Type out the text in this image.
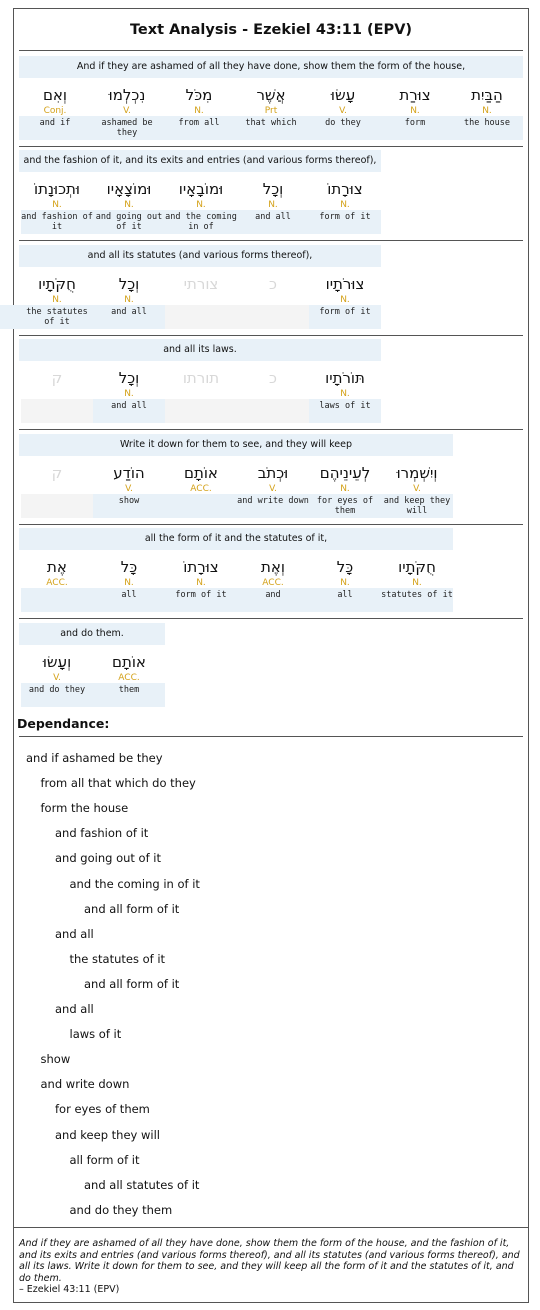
Text Analysis - Ezekiel 43:11 (EPV)
And if they are ashamed of all they have done, show them the form of the house,
הַבַּיִת
N.
the house
צוּרַת
N.
form
עָשׂוּ
V.
do they
אֲשֶׁר
Prt
that which
מִכֹּל
N.
from all
נִכְלְמוּ
V.
ashamed be they
וְאִם
Conj.
and if
and the fashion of it, and its exits and entries (and various forms thereof),
צוּרָתוֹ
N.
form of it
וְכָל
N.
and all
וּמוֹבָאָיו
N.
and the coming in of
וּמוֹצָאָיו
N.
and going out of it
וּתְכוּנָתוֹ
N.
and fashion of it
and all its statutes (and various forms thereof),
צוּרֹתָיו
N.
form of it
כ
צורתי
וְכָל
N.
and all
חֻקֹּתָיו
N.
the statutes of it
and all its laws.
תּוֹרֹתָיו
N.
laws of it
כ
תורתו
וְכָל
N.
and all
ק
Write it down for them to see, and they will keep
וְיִשְׁמְרוּ
V.
and keep they will
לְעֵינֵיהֶם
N.
for eyes of them
וּכְתֹב
V.
and write down
אוֹתָם
ACC.
הוֹדַע
V.
show
ק
all the form of it and the statutes of it,
חֻקֹּתָיו
N.
statutes of it
כָּל
N.
all
וְאֶת
ACC.
and
צוּרָתוֹ
N.
form of it
כָּל
N.
all
אֶת
ACC.
and do them.
אוֹתָם
ACC.
them
וְעָשׂוּ
V.
and do they
Dependance:
and if ashamed be they
from all that which do they
form the house
and fashion of it
and going out of it
and the coming in of it
and all form of it
and all
the statutes of it
and all form of it
and all
laws of it
show
and write down
for eyes of them
and keep they will
all form of it
and all statutes of it
and do they them
And if they are ashamed of all they have done, show them the form of the house, and the fashion of it, and its exits and entries (and various forms thereof), and all its statutes (and various forms thereof), and all its laws. Write it down for them to see, and they will keep all the form of it and the statutes of it, and do them.
– Ezekiel 43:11 (EPV)
